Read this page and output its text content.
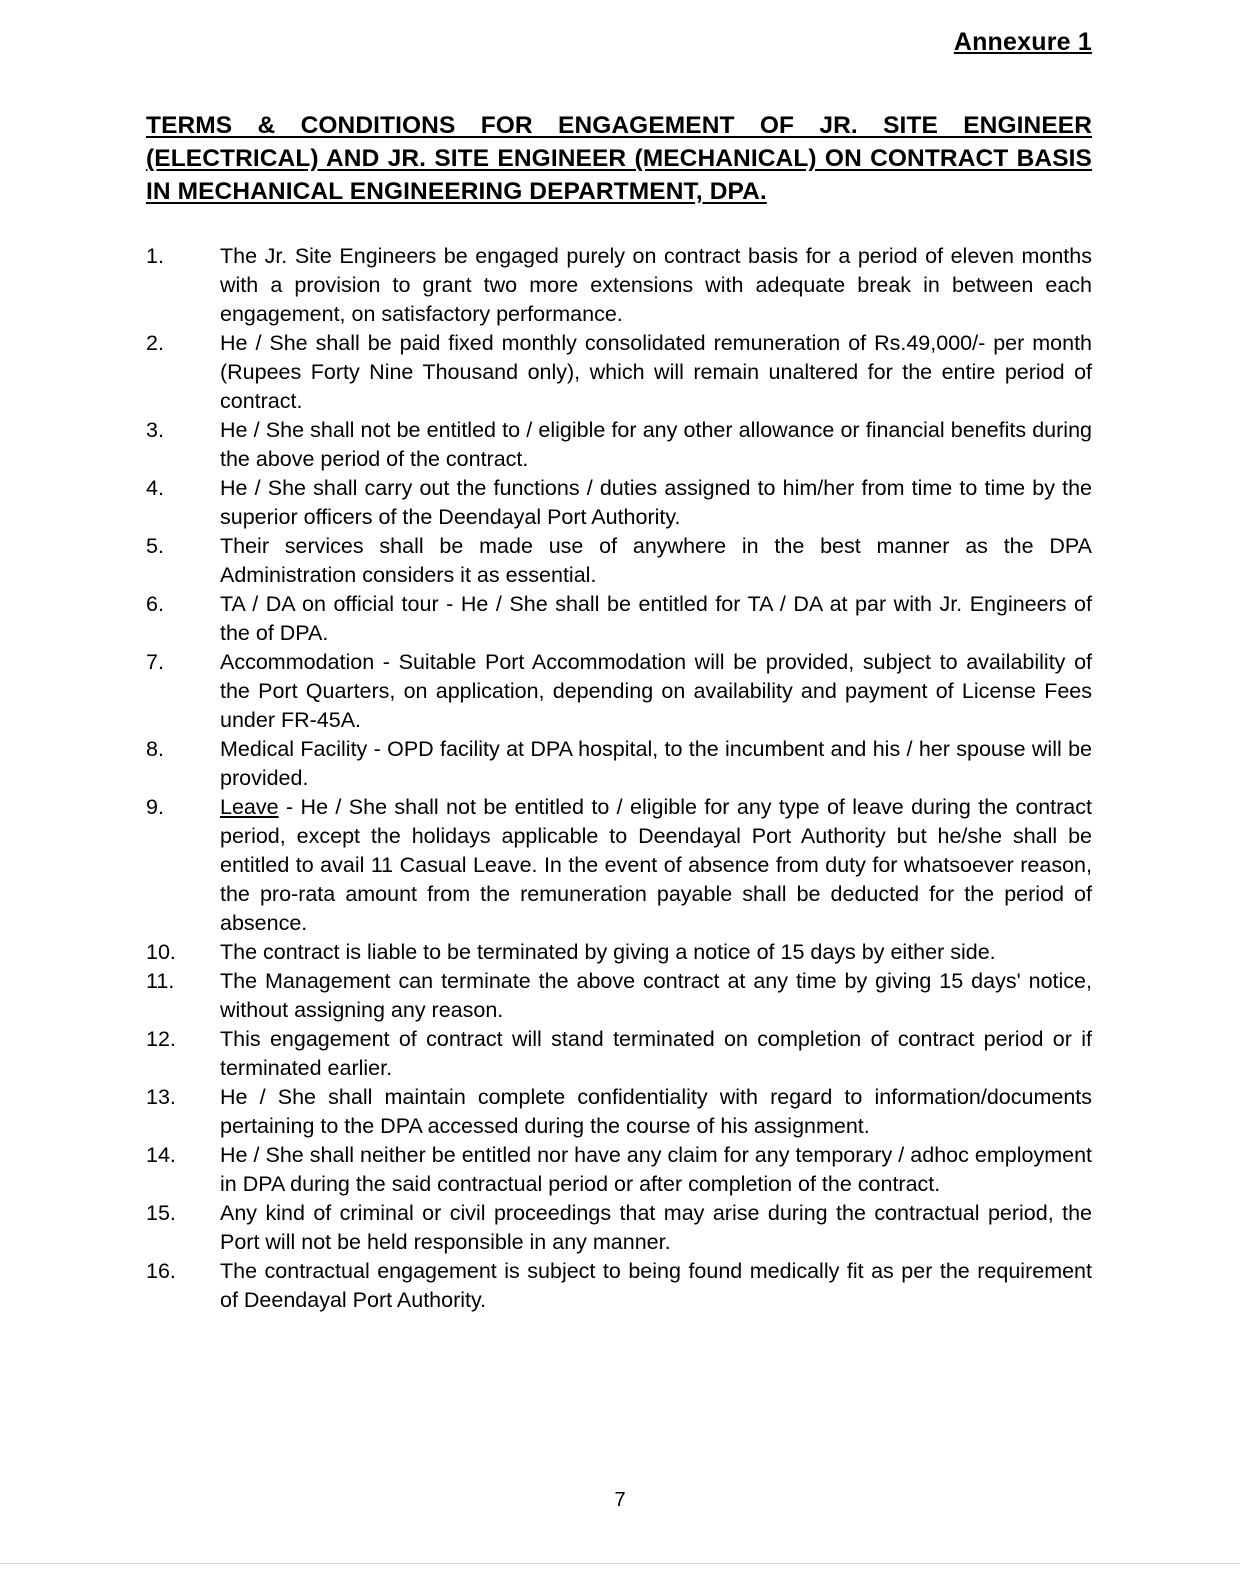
Annexure 1
TERMS & CONDITIONS FOR ENGAGEMENT OF JR. SITE ENGINEER (ELECTRICAL) AND JR. SITE ENGINEER (MECHANICAL) ON CONTRACT BASIS IN MECHANICAL ENGINEERING DEPARTMENT, DPA.
1.	The Jr. Site Engineers be engaged purely on contract basis for a period of eleven months with a provision to grant two more extensions with adequate break in between each engagement, on satisfactory performance.
2.	He / She shall be paid fixed monthly consolidated remuneration of Rs.49,000/- per month (Rupees Forty Nine Thousand only), which will remain unaltered for the entire period of contract.
3.	He / She shall not be entitled to / eligible for any other allowance or financial benefits during the above period of the contract.
4.	He / She shall carry out the functions / duties assigned to him/her from time to time by the superior officers of the Deendayal Port Authority.
5.	Their services shall be made use of anywhere in the best manner as the DPA Administration considers it as essential.
6.	TA / DA on official tour - He / She shall be entitled for TA / DA at par with Jr. Engineers of the of DPA.
7.	Accommodation - Suitable Port Accommodation will be provided, subject to availability of the Port Quarters, on application, depending on availability and payment of License Fees under FR-45A.
8.	Medical Facility - OPD facility at DPA hospital, to the incumbent and his / her spouse will be provided.
9.	Leave - He / She shall not be entitled to / eligible for any type of leave during the contract period, except the holidays applicable to Deendayal Port Authority but he/she shall be entitled to avail 11 Casual Leave. In the event of absence from duty for whatsoever reason, the pro-rata amount from the remuneration payable shall be deducted for the period of absence.
10.	The contract is liable to be terminated by giving a notice of 15 days by either side.
11.	The Management can terminate the above contract at any time by giving 15 days' notice, without assigning any reason.
12.	This engagement of contract will stand terminated on completion of contract period or if terminated earlier.
13.	He / She shall maintain complete confidentiality with regard to information/documents pertaining to the DPA accessed during the course of his assignment.
14.	He / She shall neither be entitled nor have any claim for any temporary / adhoc employment in DPA during the said contractual period or after completion of the contract.
15.	Any kind of criminal or civil proceedings that may arise during the contractual period, the Port will not be held responsible in any manner.
16.	The contractual engagement is subject to being found medically fit as per the requirement of Deendayal Port Authority.
7
